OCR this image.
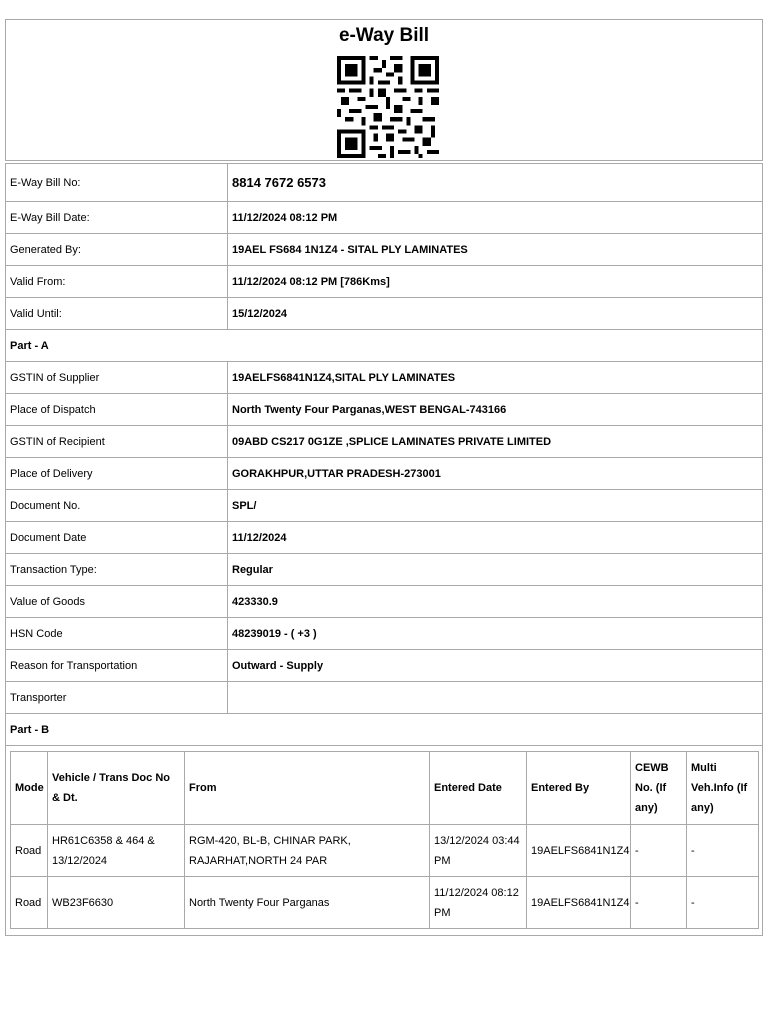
e-Way Bill
E-Way Bill No:	8814 7672 6573
E-Way Bill Date:	11/12/2024 08:12 PM
Generated By:	19AEL FS684 1N1Z4 - SITAL PLY LAMINATES
Valid From:	11/12/2024 08:12 PM [786Kms]
Valid Until:	15/12/2024
Part - A
GSTIN of Supplier	19AELFS6841N1Z4,SITAL PLY LAMINATES
Place of Dispatch	North Twenty Four Parganas,WEST BENGAL-743166
GSTIN of Recipient	09ABD CS217 0G1ZE ,SPLICE LAMINATES PRIVATE LIMITED
Place of Delivery	GORAKHPUR,UTTAR PRADESH-273001
Document No.	SPL/
Document Date	11/12/2024
Transaction Type:	Regular
Value of Goods	423330.9
HSN Code	48239019 - ( +3 )
Reason for Transportation	Outward - Supply
Transporter	
Part - B

Mode	Vehicle / Trans Doc No & Dt.	From	Entered Date	Entered By	CEWB No. (If any)	Multi Veh.Info (If any)
Road	HR61C6358 & 464 & 13/12/2024	RGM-420, BL-B, CHINAR PARK, RAJARHAT,NORTH 24 PAR	13/12/2024 03:44 PM	19AELFS6841N1Z4	-	-
Road	WB23F6630	North Twenty Four Parganas	11/12/2024 08:12 PM	19AELFS6841N1Z4	-	-
